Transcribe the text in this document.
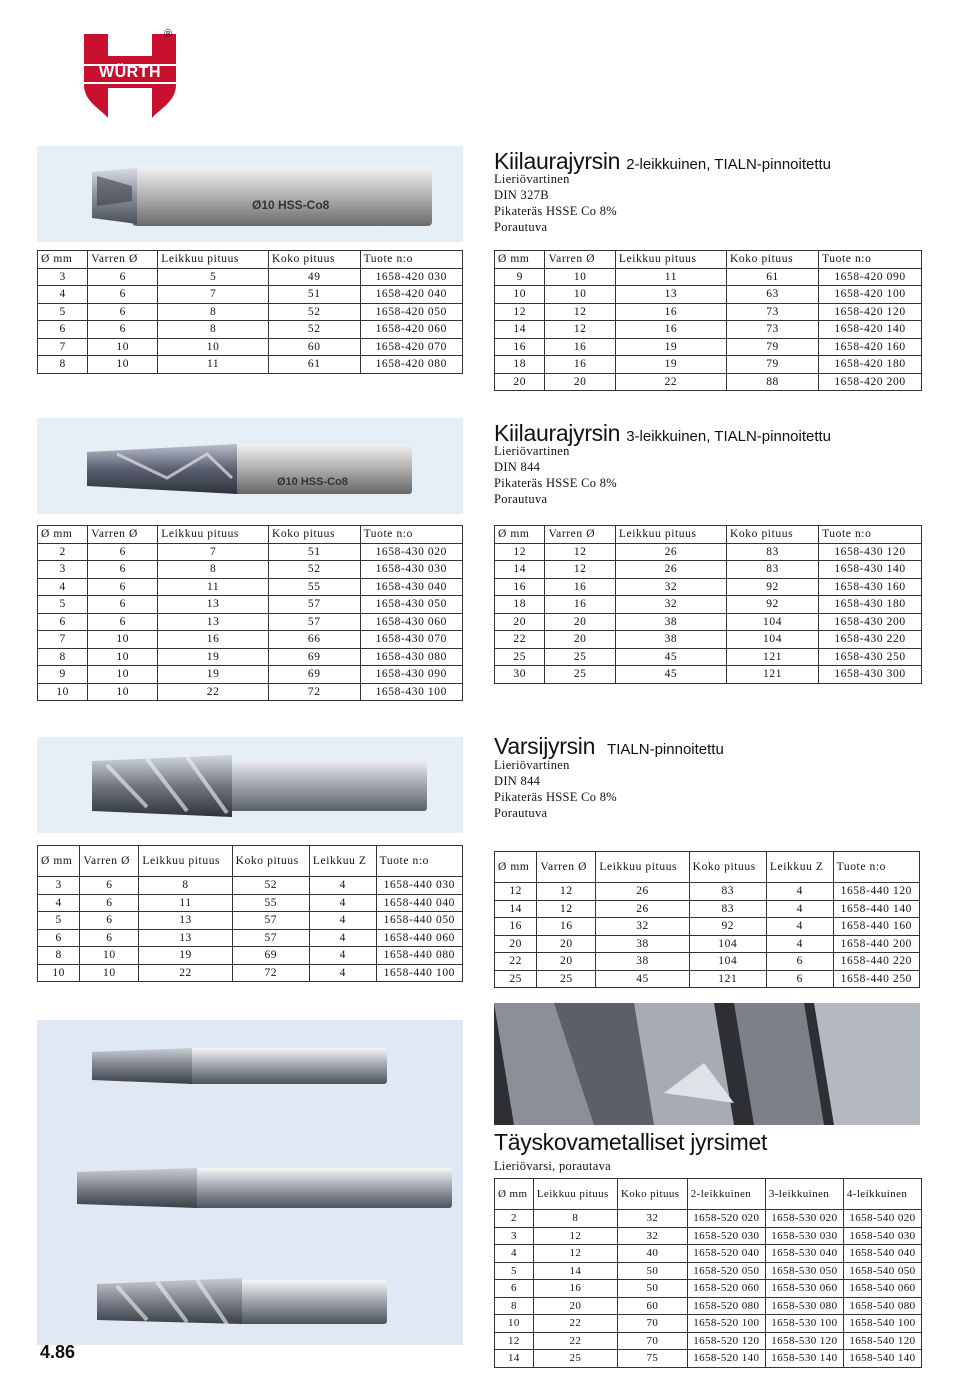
WÜRTH
®
Ø10 HSS-Co8
Kiilaurajyrsin 2-leikkuinen, TIALN-pinnoitettu
Lieriövartinen
DIN 327B
Pikateräs HSSE Co 8%
Porautuva
Ø mm	Varren Ø	Leikkuu pituus	Koko pituus	Tuote n:o
3	6	5	49	1658-420 030
4	6	7	51	1658-420 040
5	6	8	52	1658-420 050
6	6	8	52	1658-420 060
7	10	10	60	1658-420 070
8	10	11	61	1658-420 080
Ø mm	Varren Ø	Leikkuu pituus	Koko pituus	Tuote n:o
9	10	11	61	1658-420 090
10	10	13	63	1658-420 100
12	12	16	73	1658-420 120
14	12	16	73	1658-420 140
16	16	19	79	1658-420 160
18	16	19	79	1658-420 180
20	20	22	88	1658-420 200
Ø10 HSS-Co8
Kiilaurajyrsin 3-leikkuinen, TIALN-pinnoitettu
Lieriövartinen
DIN 844
Pikateräs HSSE Co 8%
Porautuva
Ø mm	Varren Ø	Leikkuu pituus	Koko pituus	Tuote n:o
2	6	7	51	1658-430 020
3	6	8	52	1658-430 030
4	6	11	55	1658-430 040
5	6	13	57	1658-430 050
6	6	13	57	1658-430 060
7	10	16	66	1658-430 070
8	10	19	69	1658-430 080
9	10	19	69	1658-430 090
10	10	22	72	1658-430 100
Ø mm	Varren Ø	Leikkuu pituus	Koko pituus	Tuote n:o
12	12	26	83	1658-430 120
14	12	26	83	1658-430 140
16	16	32	92	1658-430 160
18	16	32	92	1658-430 180
20	20	38	104	1658-430 200
22	20	38	104	1658-430 220
25	25	45	121	1658-430 250
30	25	45	121	1658-430 300
Varsijyrsin TIALN-pinnoitettu
Lieriövartinen
DIN 844
Pikateräs HSSE Co 8%
Porautuva
Ø mm	Varren Ø	Leikkuu pituus	Koko pituus	Leikkuu Z	Tuote n:o
3	6	8	52	4	1658-440 030
4	6	11	55	4	1658-440 040
5	6	13	57	4	1658-440 050
6	6	13	57	4	1658-440 060
8	10	19	69	4	1658-440 080
10	10	22	72	4	1658-440 100
Ø mm	Varren Ø	Leikkuu pituus	Koko pituus	Leikkuu Z	Tuote n:o
12	12	26	83	4	1658-440 120
14	12	26	83	4	1658-440 140
16	16	32	92	4	1658-440 160
20	20	38	104	4	1658-440 200
22	20	38	104	6	1658-440 220
25	25	45	121	6	1658-440 250
Täyskovametalliset jyrsimet
Lieriövarsi, porautava
Ø mm	Leikkuu pituus	Koko pituus	2-leikkuinen	3-leikkuinen	4-leikkuinen
2	8	32	1658-520 020	1658-530 020	1658-540 020
3	12	32	1658-520 030	1658-530 030	1658-540 030
4	12	40	1658-520 040	1658-530 040	1658-540 040
5	14	50	1658-520 050	1658-530 050	1658-540 050
6	16	50	1658-520 060	1658-530 060	1658-540 060
8	20	60	1658-520 080	1658-530 080	1658-540 080
10	22	70	1658-520 100	1658-530 100	1658-540 100
12	22	70	1658-520 120	1658-530 120	1658-540 120
14	25	75	1658-520 140	1658-530 140	1658-540 140
4.86
